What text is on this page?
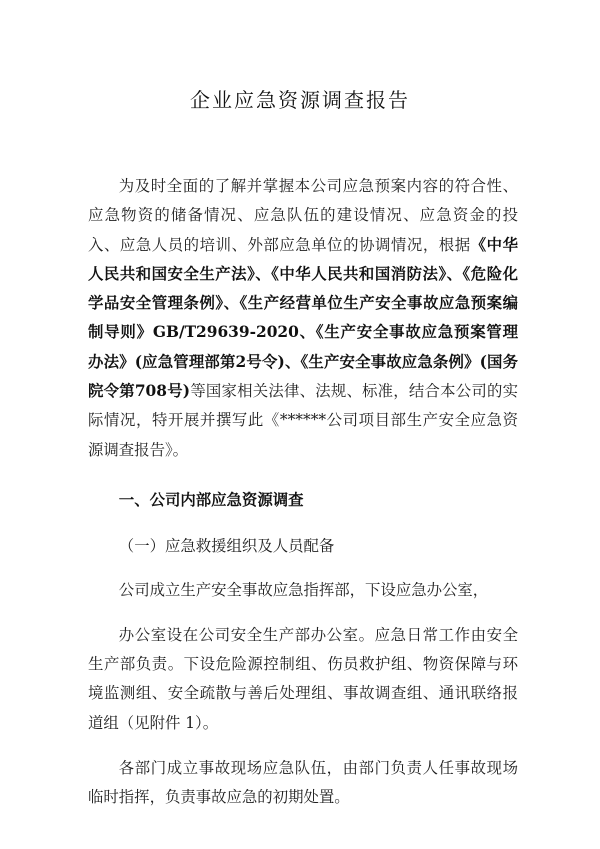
企业应急资源调查报告

为及时全面的了解并掌握本公司应急预案内容的符合性、应急物资的储备情况、应急队伍的建设情况、应急资金的投入、应急人员的培训、外部应急单位的协调情况，根据《中华人民共和国安全生产法》、《中华人民共和国消防法》、《危险化学品安全管理条例》、《生产经营单位生产安全事故应急预案编制导则》GB/T29639-2020、《生产安全事故应急预案管理办法》(应急管理部第2号令)、《生产安全事故应急条例》(国务院令第708号)等国家相关法律、法规、标准，结合本公司的实际情况，特开展并撰写此《******公司项目部生产安全应急资源调查报告》。

一、公司内部应急资源调查

（一）应急救援组织及人员配备

公司成立生产安全事故应急指挥部，下设应急办公室，

办公室设在公司安全生产部办公室。应急日常工作由安全生产部负责。下设危险源控制组、伤员救护组、物资保障与环境监测组、安全疏散与善后处理组、事故调查组、通讯联络报道组（见附件 1）。

各部门成立事故现场应急队伍，由部门负责人任事故现场临时指挥，负责事故应急的初期处置。
